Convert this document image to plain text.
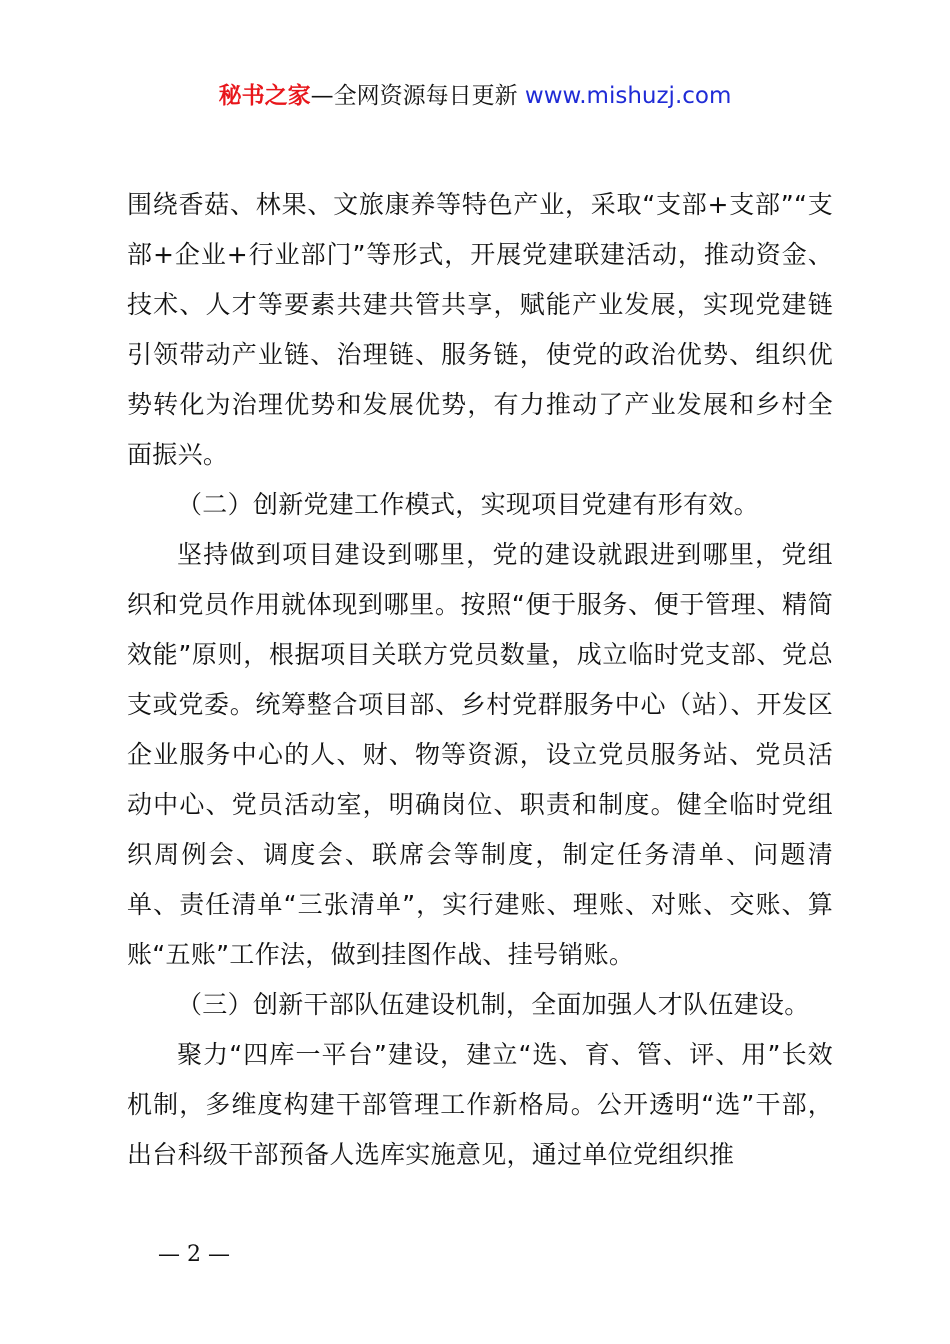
秘书之家—全网资源每日更新 www.mishuzj.com

围绕香菇、林果、文旅康养等特色产业，采取“支部+支部”“支部+企业+行业部门”等形式，开展党建联建活动，推动资金、技术、人才等要素共建共管共享，赋能产业发展，实现党建链引领带动产业链、治理链、服务链，使党的政治优势、组织优势转化为治理优势和发展优势，有力推动了产业发展和乡村全面振兴。

（二）创新党建工作模式，实现项目党建有形有效。

坚持做到项目建设到哪里，党的建设就跟进到哪里，党组织和党员作用就体现到哪里。按照“便于服务、便于管理、精简效能”原则，根据项目关联方党员数量，成立临时党支部、党总支或党委。统筹整合项目部、乡村党群服务中心（站）、开发区企业服务中心的人、财、物等资源，设立党员服务站、党员活动中心、党员活动室，明确岗位、职责和制度。健全临时党组织周例会、调度会、联席会等制度，制定任务清单、问题清单、责任清单“三张清单”，实行建账、理账、对账、交账、算账“五账”工作法，做到挂图作战、挂号销账。

（三）创新干部队伍建设机制，全面加强人才队伍建设。

聚力“四库一平台”建设，建立“选、育、管、评、用”长效机制，多维度构建干部管理工作新格局。公开透明“选”干部，出台科级干部预备人选库实施意见，通过单位党组织推

— 2 —
